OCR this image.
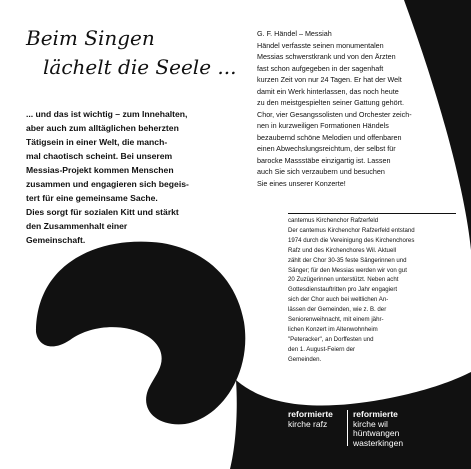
Beim Singen
lächelt die Seele ...

... und das ist wichtig – zum Innehalten,
aber auch zum alltäglichen beherzten
Tätigsein in einer Welt, die manch-
mal chaotisch scheint. Bei unserem
Messias-Projekt kommen Menschen
zusammen und engagieren sich begeis-
tert für eine gemeinsame Sache.
Dies sorgt für sozialen Kitt und stärkt
den Zusammenhalt einer
Gemeinschaft.

G. F. Händel – Messiah
Händel verfasste seinen monumentalen
Messias schwerstkrank und von den Ärzten
fast schon aufgegeben in der sagenhaft
kurzen Zeit von nur 24 Tagen. Er hat der Welt
damit ein Werk hinterlassen, das noch heute
zu den meistgespielten seiner Gattung gehört.
Chor, vier Gesangssolisten und Orchester zeich-
nen in kurzweiligen Formationen Händels
bezaubernd schöne Melodien und offenbaren
einen Abwechslungsreichtum, der selbst für
barocke Massstäbe einzigartig ist. Lassen
auch Sie sich verzaubern und besuchen
Sie eines unserer Konzerte!

cantemus Kirchenchor Rafzerfeld
Der cantemus Kirchenchor Rafzerfeld entstand
1974 durch die Vereinigung des Kirchenchores
Rafz und des Kirchenchores Wil. Aktuell
zählt der Chor 30-35 feste Sängerinnen und
Sänger; für den Messias werden wir von gut
20 Zuzügerinnen unterstützt. Neben acht
Gottesdienstauftritten pro Jahr engagiert
sich der Chor auch bei weltlichen An-
lässen der Gemeinden, wie z. B. der
Seniorenweihnacht, mit einem jähr-
lichen Konzert im Altenwohnheim
"Peteracker", an Dorffesten und
den 1. August-Feiern der
Gemeinden.
reformierte
kirche rafz
reformierte
kirche wil
hüntwangen
wasterkingen
